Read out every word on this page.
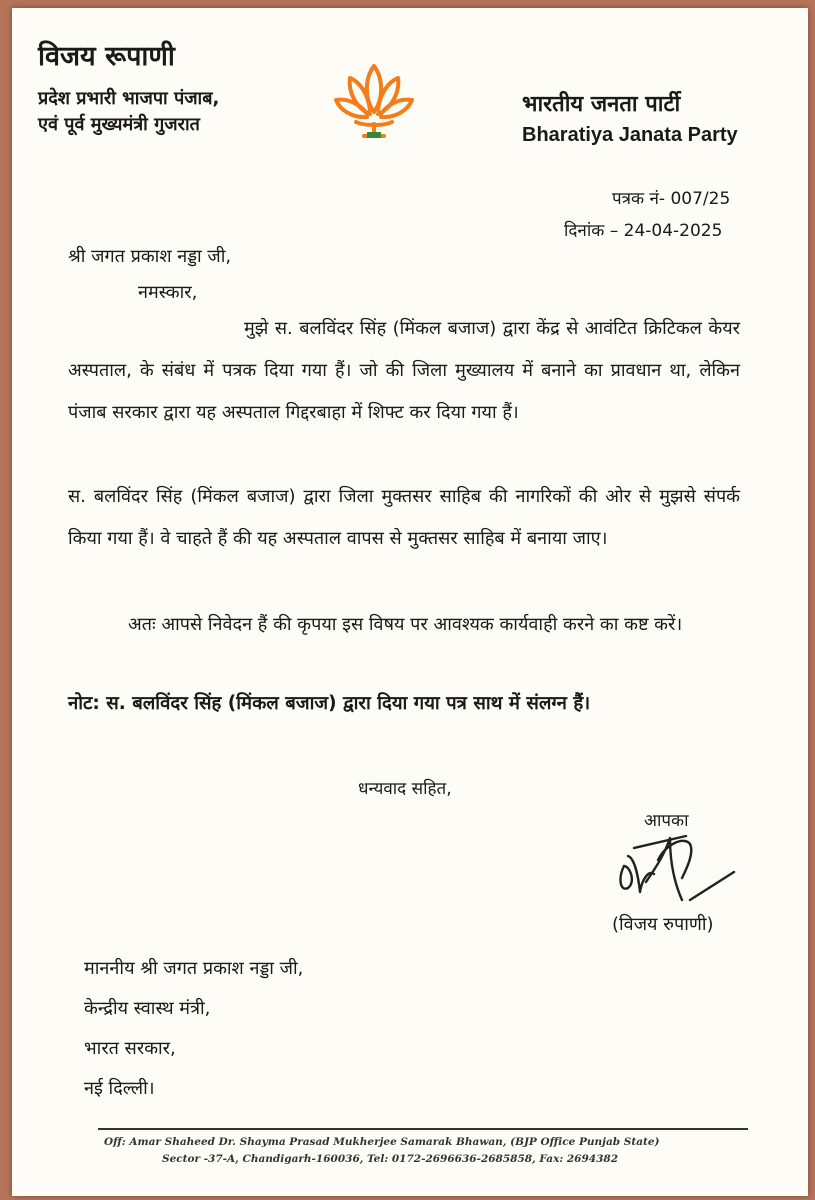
विजय रूपाणी
प्रदेश प्रभारी भाजपा पंजाब,
एवं पूर्व मुख्यमंत्री गुजरात
भारतीय जनता पार्टी
Bharatiya Janata Party
पत्रक नं- 007/25
दिनांक – 24-04-2025
श्री जगत प्रकाश नड्डा जी,
नमस्कार,
मुझे स. बलविंदर सिंह (मिंकल बजाज) द्वारा केंद्र से आवंटित क्रिटिकल केयर अस्पताल, के संबंध में पत्रक दिया गया हैं। जो की जिला मुख्यालय में बनाने का प्रावधान था, लेकिन पंजाब सरकार द्वारा यह अस्पताल गिद्दरबाहा में शिफ्ट कर दिया गया हैं।
स. बलविंदर सिंह (मिंकल बजाज) द्वारा जिला मुक्तसर साहिब की नागरिकों की ओर से मुझसे संपर्क किया गया हैं। वे चाहते हैं की यह अस्पताल वापस से मुक्तसर साहिब में बनाया जाए।
अतः आपसे निवेदन हैं की कृपया इस विषय पर आवश्यक कार्यवाही करने का कष्ट करें।
नोट: स. बलविंदर सिंह (मिंकल बजाज) द्वारा दिया गया पत्र साथ में संलग्न हैं।
धन्यवाद सहित,
आपका
(विजय रुपाणी)
माननीय श्री जगत प्रकाश नड्डा जी,
केन्द्रीय स्वास्थ मंत्री,
भारत सरकार,
नई दिल्ली।
Off: Amar Shaheed Dr. Shayma Prasad Mukherjee Samarak Bhawan, (BJP Office Punjab State)
Sector -37-A, Chandigarh-160036, Tel: 0172-2696636-2685858, Fax: 2694382
